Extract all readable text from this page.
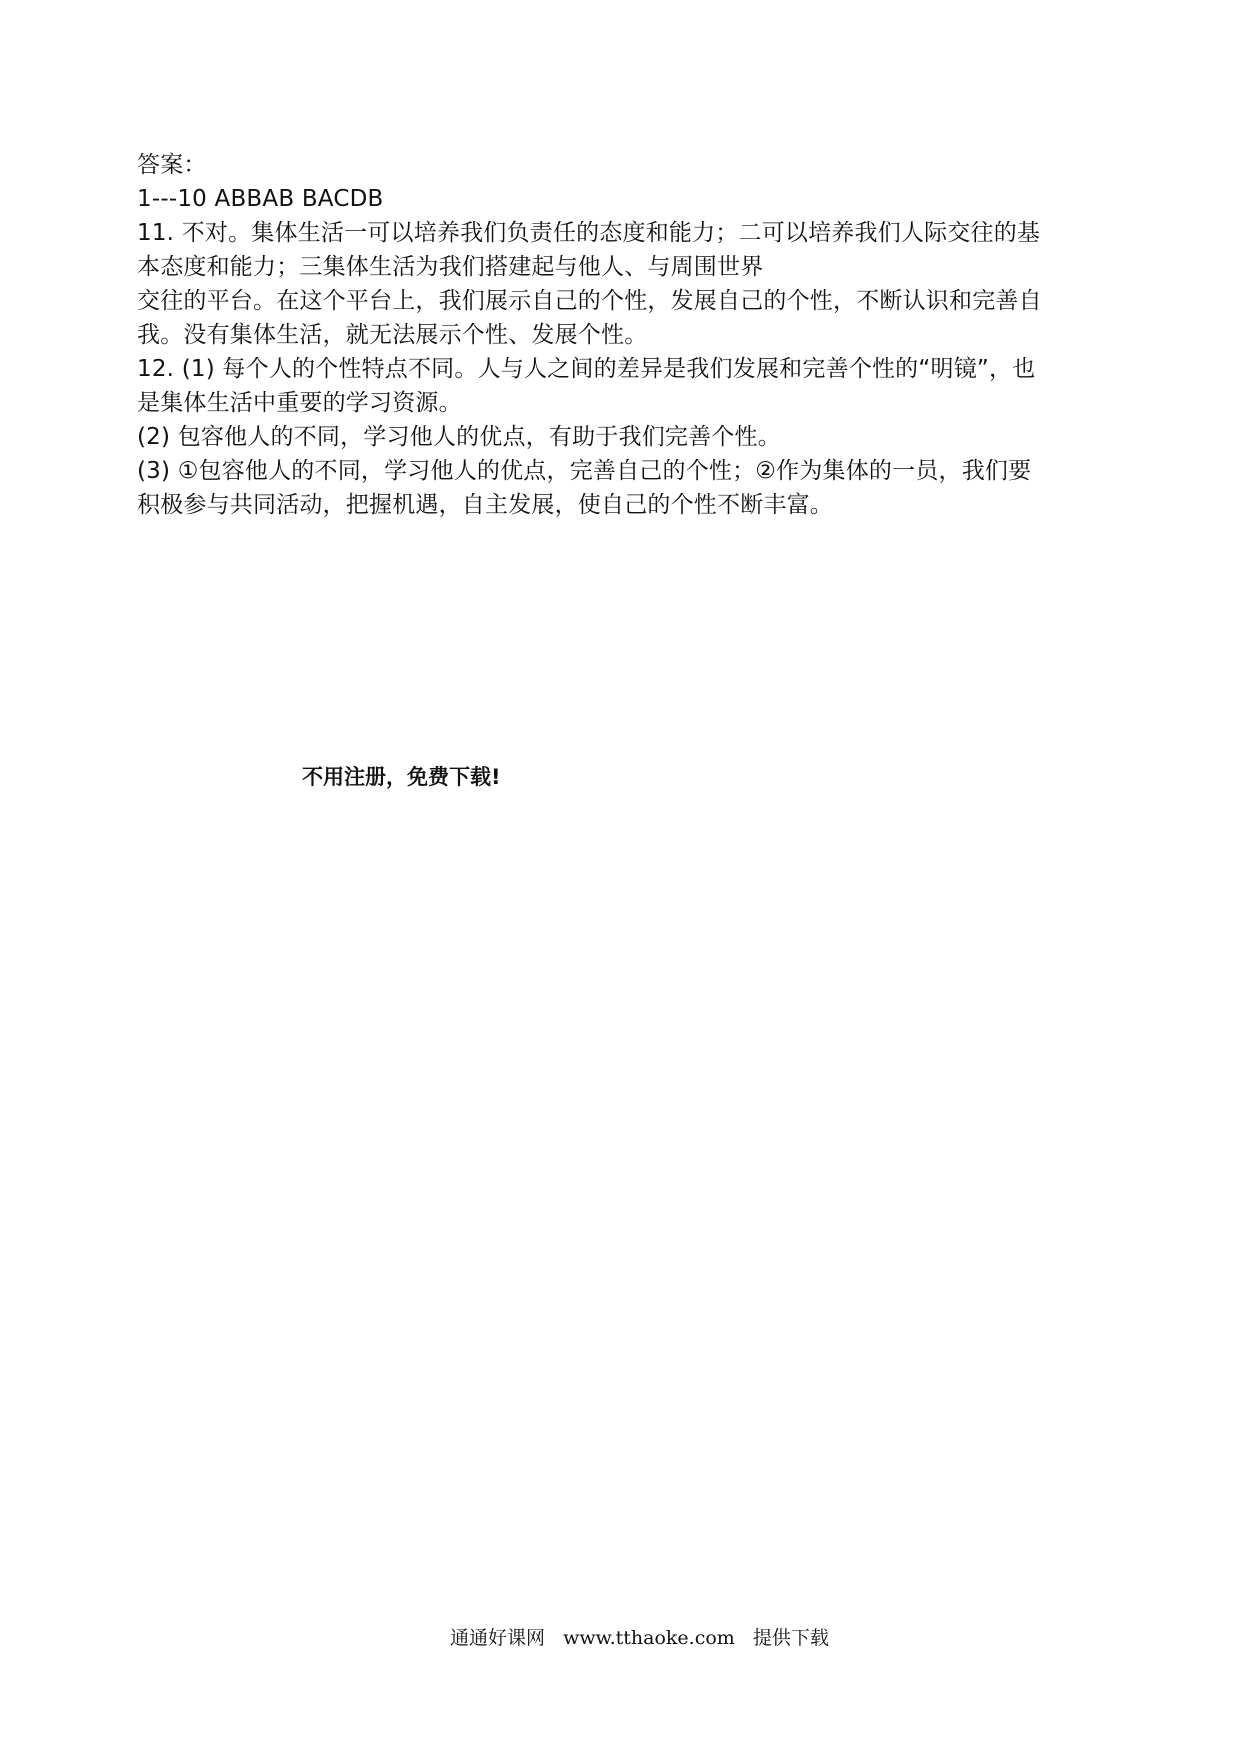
答案：
1---10 ABBAB BACDB
11. 不对。集体生活一可以培养我们负责任的态度和能力；二可以培养我们人际交往的基
本态度和能力；三集体生活为我们搭建起与他人、与周围世界
交往的平台。在这个平台上，我们展示自己的个性，发展自己的个性，不断认识和完善自
我。没有集体生活，就无法展示个性、发展个性。
12. (1) 每个人的个性特点不同。人与人之间的差异是我们发展和完善个性的“明镜”，也
是集体生活中重要的学习资源。
(2) 包容他人的不同，学习他人的优点，有助于我们完善个性。
(3) ①包容他人的不同，学习他人的优点，完善自己的个性；②作为集体的一员，我们要
积极参与共同活动，把握机遇，自主发展，使自己的个性不断丰富。
不用注册，免费下载!
通通好课网 www.tthaoke.com 提供下载
